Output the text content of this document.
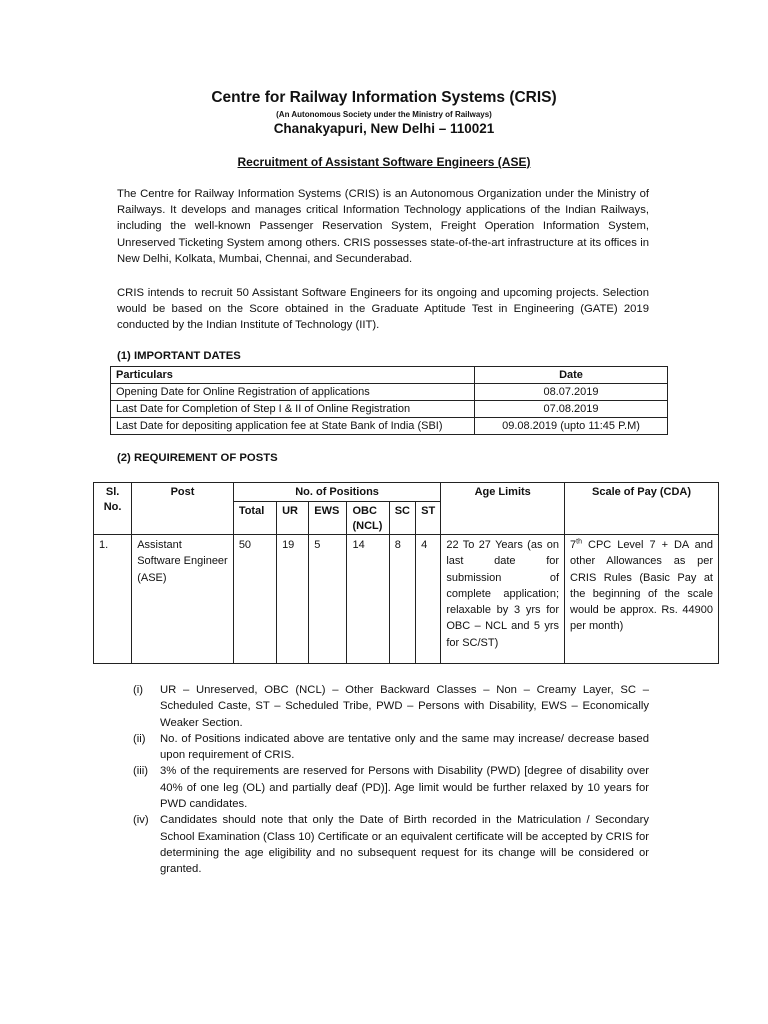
Centre for Railway Information Systems (CRIS)
(An Autonomous Society under the Ministry of Railways)
Chanakyapuri, New Delhi – 110021
Recruitment of Assistant Software Engineers (ASE)

The Centre for Railway Information Systems (CRIS) is an Autonomous Organization under the Ministry of Railways. It develops and manages critical Information Technology applications of the Indian Railways, including the well-known Passenger Reservation System, Freight Operation Information System, Unreserved Ticketing System among others. CRIS possesses state-of-the-art infrastructure at its offices in New Delhi, Kolkata, Mumbai, Chennai, and Secunderabad.

CRIS intends to recruit 50 Assistant Software Engineers for its ongoing and upcoming projects. Selection would be based on the Score obtained in the Graduate Aptitude Test in Engineering (GATE) 2019 conducted by the Indian Institute of Technology (IIT).

(1) IMPORTANT DATES
Particulars	Date
Opening Date for Online Registration of applications	08.07.2019
Last Date for Completion of Step I & II of Online Registration	07.08.2019
Last Date for depositing application fee at State Bank of India (SBI)	09.08.2019 (upto 11:45 P.M)
(2) REQUIREMENT OF POSTS
Sl. No.	Post	No. of Positions						Age Limits	Scale of Pay (CDA)
		Total	UR	EWS	OBC (NCL)	SC	ST		
1.	Assistant Software Engineer (ASE)	50	19	5	14	8	4	22 To 27 Years (as on last date for submission of complete application; relaxable by 3 yrs for OBC – NCL and 5 yrs for SC/ST)	7th CPC Level 7 + DA and other Allowances as per CRIS Rules (Basic Pay at the beginning of the scale would be approx. Rs. 44900 per month)
(i) UR – Unreserved, OBC (NCL) – Other Backward Classes – Non – Creamy Layer, SC – Scheduled Caste, ST – Scheduled Tribe, PWD – Persons with Disability, EWS – Economically Weaker Section.
(ii) No. of Positions indicated above are tentative only and the same may increase/ decrease based upon requirement of CRIS.
(iii) 3% of the requirements are reserved for Persons with Disability (PWD) [degree of disability over 40% of one leg (OL) and partially deaf (PD)]. Age limit would be further relaxed by 10 years for PWD candidates.
(iv) Candidates should note that only the Date of Birth recorded in the Matriculation / Secondary School Examination (Class 10) Certificate or an equivalent certificate will be accepted by CRIS for determining the age eligibility and no subsequent request for its change will be considered or granted.
